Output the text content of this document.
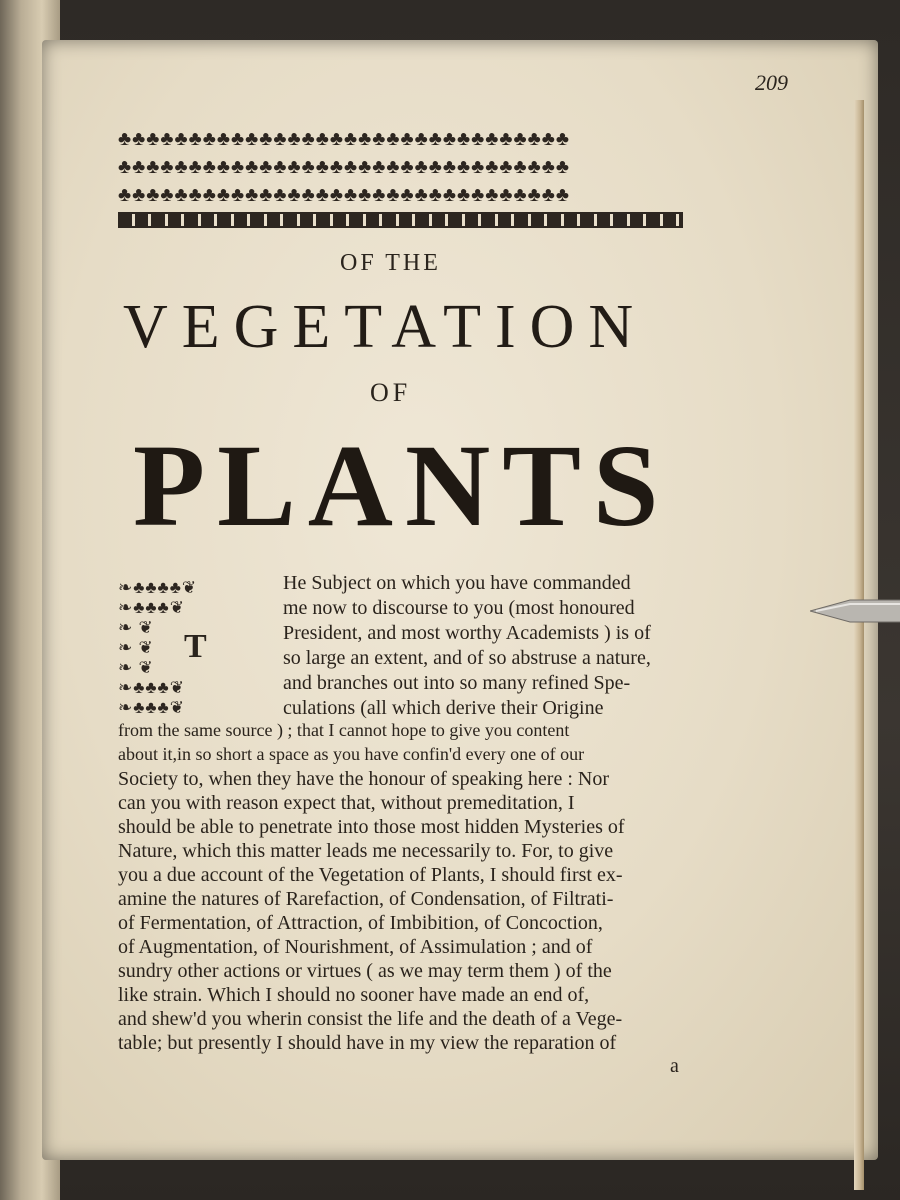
209
♣♣♣♣♣♣♣♣♣♣♣♣♣♣♣♣♣♣♣♣♣♣♣♣♣♣♣♣♣♣♣♣
♣♣♣♣♣♣♣♣♣♣♣♣♣♣♣♣♣♣♣♣♣♣♣♣♣♣♣♣♣♣♣♣
♣♣♣♣♣♣♣♣♣♣♣♣♣♣♣♣♣♣♣♣♣♣♣♣♣♣♣♣♣♣♣♣
OF THE
VEGETATION
OF
PLANTS
❧♣♣♣♣❦
❧♣♣♣❦
❧ ❦
❧ ❦
❧ ❦
❧♣♣♣❦
❧♣♣♣❦
T
He Subject on which you have commanded
me now to discourse to you (most honoured
President, and most worthy Academists ) is of
so large an extent, and of so abstruse a nature,
and branches out into so many refined Spe-
culations (all which derive their Origine
from the same source ) ; that I cannot hope to give you content
about it,in so short a space as you have confin'd every one of our
Society to, when they have the honour of speaking here : Nor
can you with reason expect that, without premeditation, I
should be able to penetrate into those most hidden Mysteries of
Nature, which this matter leads me necessarily to. For, to give
you a due account of the Vegetation of Plants, I should first ex-
amine the natures of Rarefaction, of Condensation, of Filtrati-
of Fermentation, of Attraction, of Imbibition, of Concoction,
of Augmentation, of Nourishment, of Assimulation ; and of
sundry other actions or virtues ( as we may term them ) of the
like strain. Which I should no sooner have made an end of,
and shew'd you wherin consist the life and the death of a Vege-
table; but presently I should have in my view the reparation of
a
